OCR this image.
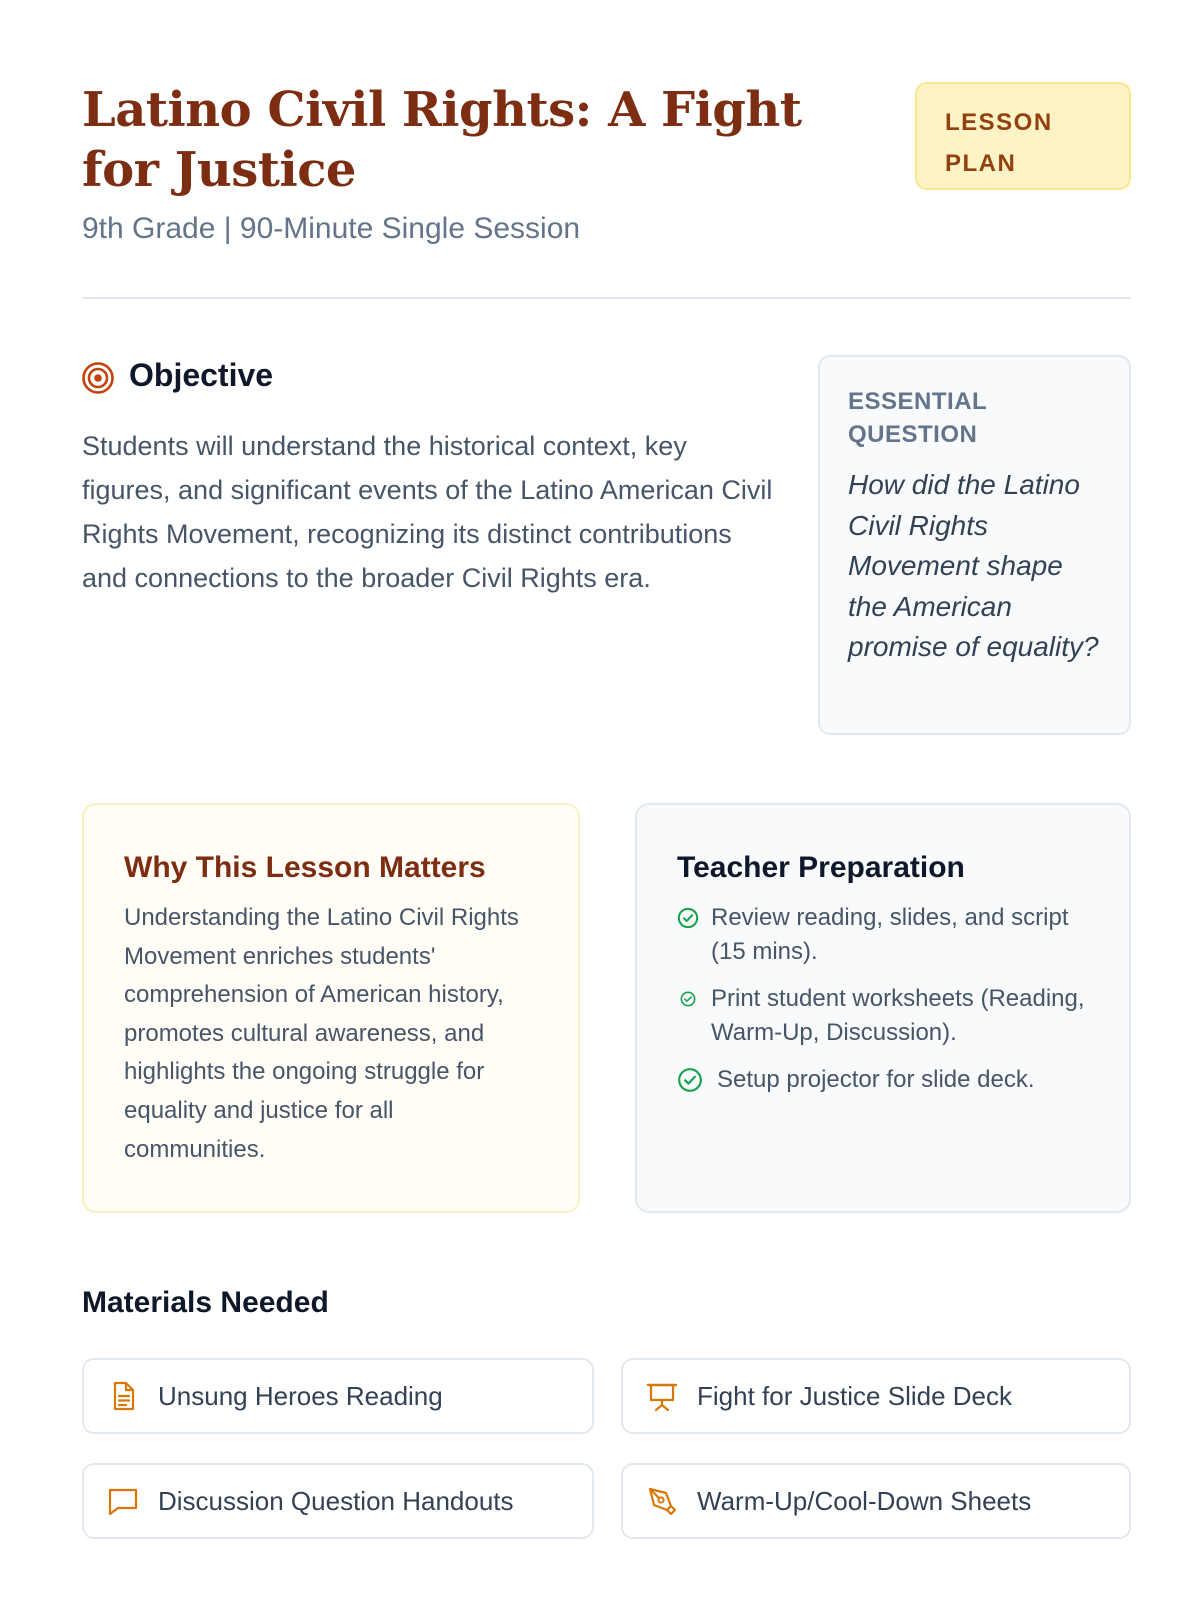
Latino Civil Rights: A Fight for Justice
9th Grade | 90-Minute Single Session
LESSON PLAN
Objective

Students will understand the historical context, key figures, and significant events of the Latino American Civil Rights Movement, recognizing its distinct contributions and connections to the broader Civil Rights era.

ESSENTIAL QUESTION

How did the Latino Civil Rights Movement shape the American promise of equality?

Why This Lesson Matters

Understanding the Latino Civil Rights Movement enriches students' comprehension of American history, promotes cultural awareness, and highlights the ongoing struggle for equality and justice for all communities.

Teacher Preparation
Review reading, slides, and script (15 mins).
Print student worksheets (Reading, Warm-Up, Discussion).
Setup projector for slide deck.
Materials Needed
Unsung Heroes Reading	Fight for Justice Slide Deck
Discussion Question Handouts	Warm-Up/Cool-Down Sheets
